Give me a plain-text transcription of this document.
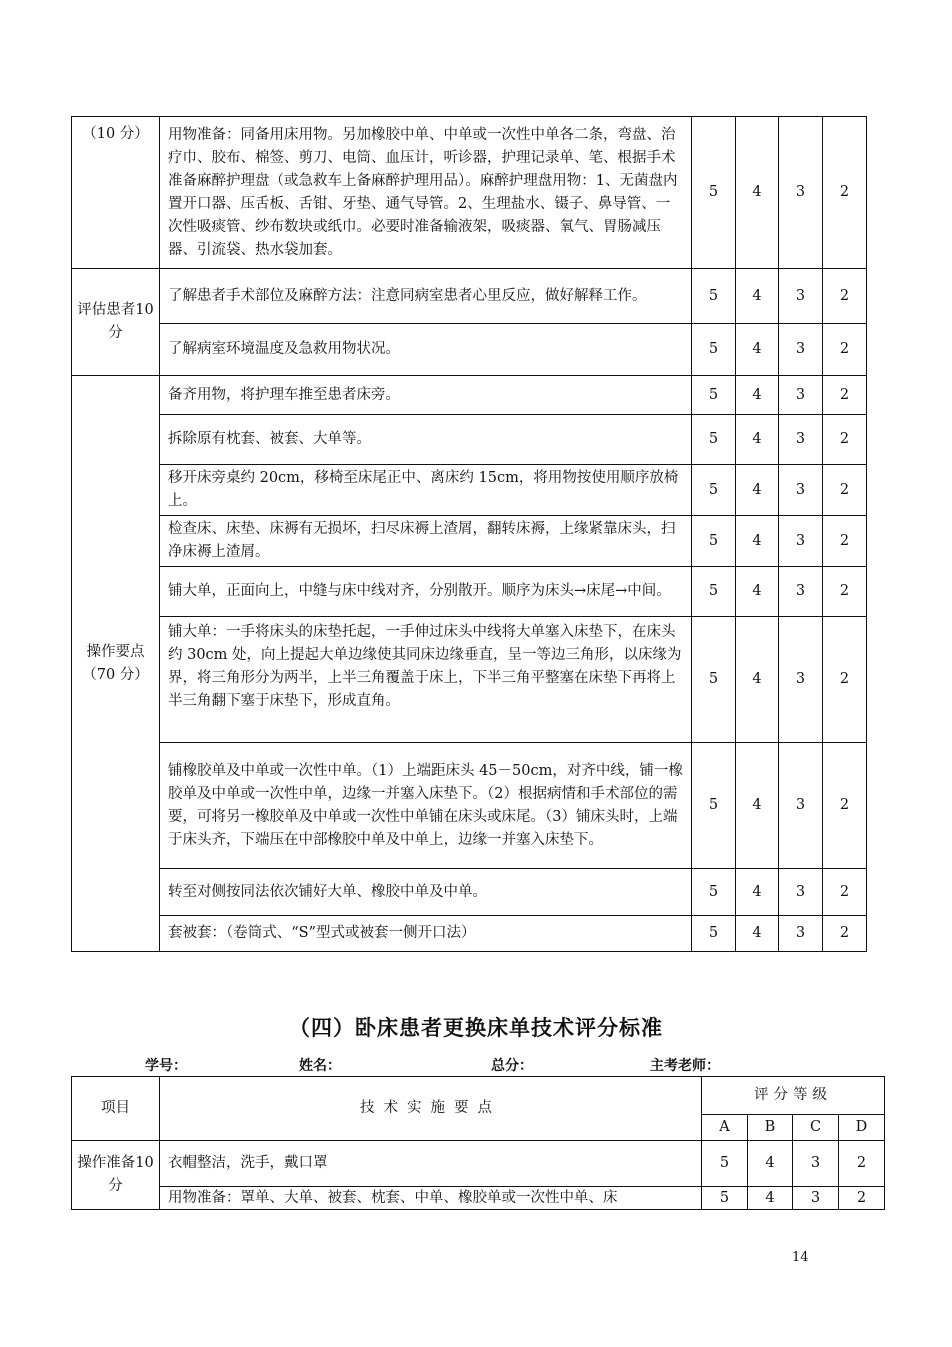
（10 分）	用物准备：同备用床用物。另加橡胶中单、中单或一次性中单各二条，弯盘、治疗巾、胶布、棉签、剪刀、电筒、血压计，听诊器，护理记录单、笔、根据手术准备麻醉护理盘（或急救车上备麻醉护理用品）。麻醉护理盘用物：1、无菌盘内置开口器、压舌板、舌钳、牙垫、通气导管。2、生理盐水、镊子、鼻导管、一次性吸痰管、纱布数块或纸巾。必要时准备输液架，吸痰器、氧气、胃肠减压器、引流袋、热水袋加套。	5	4	3	2
评估患者10 分	了解患者手术部位及麻醉方法：注意同病室患者心里反应，做好解释工作。	5	4	3	2
	了解病室环境温度及急救用物状况。	5	4	3	2
操作要点（70 分）	备齐用物，将护理车推至患者床旁。	5	4	3	2
	拆除原有枕套、被套、大单等。	5	4	3	2
	移开床旁桌约 20cm，移椅至床尾正中、离床约 15cm，将用物按使用顺序放椅上。	5	4	3	2
	检查床、床垫、床褥有无损坏，扫尽床褥上渣屑，翻转床褥，上缘紧靠床头，扫净床褥上渣屑。	5	4	3	2
	铺大单，正面向上，中缝与床中线对齐，分别散开。顺序为床头→床尾→中间。	5	4	3	2
	铺大单：一手将床头的床垫托起，一手伸过床头中线将大单塞入床垫下，在床头约 30cm 处，向上提起大单边缘使其同床边缘垂直，呈一等边三角形，以床缘为界，将三角形分为两半，上半三角覆盖于床上，下半三角平整塞在床垫下再将上半三角翻下塞于床垫下，形成直角。	5	4	3	2
	铺橡胶单及中单或一次性中单。（1）上端距床头 45－50cm，对齐中线，铺一橡胶单及中单或一次性中单，边缘一并塞入床垫下。（2）根据病情和手术部位的需要，可将另一橡胶单及中单或一次性中单铺在床头或床尾。（3）铺床头时，上端于床头齐，下端压在中部橡胶中单及中单上，边缘一并塞入床垫下。	5	4	3	2
	转至对侧按同法依次铺好大单、橡胶中单及中单。	5	4	3	2
	套被套：（卷筒式、“S”型式或被套一侧开口法）	5	4	3	2
（四）卧床患者更换床单技术评分标准
学号：	姓名：	总分：	主考老师：
项目	技术实施要点	评分等级			
		A	B	C	D
操作准备10 分	衣帽整洁，洗手，戴口罩	5	4	3	2
	用物准备：罩单、大单、被套、枕套、中单、橡胶单或一次性中单、床	5	4	3	2
14
